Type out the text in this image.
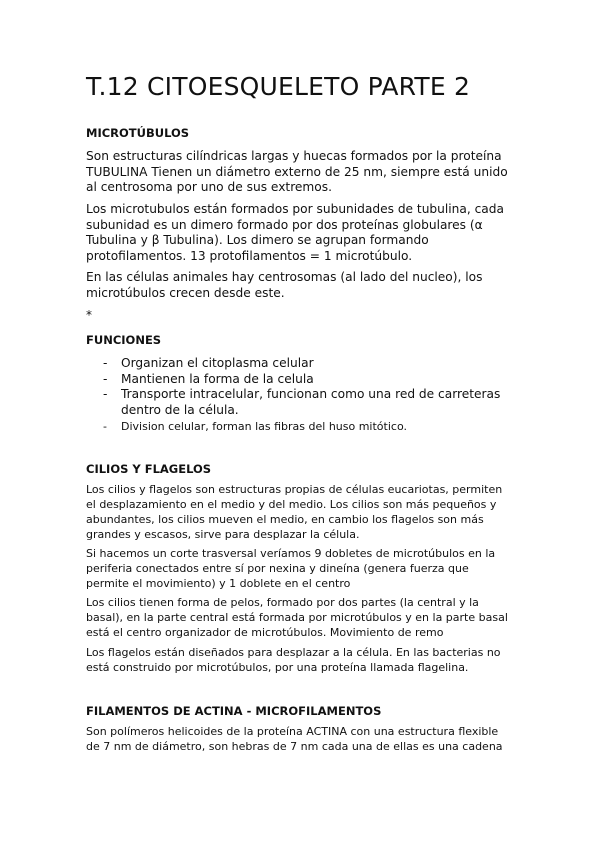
T.12 CITOESQUELETO PARTE 2
MICROTÚBULOS

Son estructuras cilíndricas largas y huecas formados por la proteína
TUBULINA Tienen un diámetro externo de 25 nm, siempre está unido
al centrosoma por uno de sus extremos.

Los microtubulos están formados por subunidades de tubulina, cada
subunidad es un dimero formado por dos proteínas globulares (α
Tubulina y β Tubulina). Los dimero se agrupan formando
protofilamentos. 13 protofilamentos = 1 microtúbulo.

En las células animales hay centrosomas (al lado del nucleo), los
microtúbulos crecen desde este.

*
FUNCIONES
- Organizan el citoplasma celular
- Mantienen la forma de la celula
- Transporte intracelular, funcionan como una red de carreteras
dentro de la célula.
- Division celular, forman las fibras del huso mitótico.
CILIOS Y FLAGELOS

Los cilios y flagelos son estructuras propias de células eucariotas, permiten
el desplazamiento en el medio y del medio. Los cilios son más pequeños y
abundantes, los cilios mueven el medio, en cambio los flagelos son más
grandes y escasos, sirve para desplazar la célula.

Si hacemos un corte trasversal veríamos 9 dobletes de microtúbulos en la
periferia conectados entre sí por nexina y dineína (genera fuerza que
permite el movimiento) y 1 doblete en el centro

Los cilios tienen forma de pelos, formado por dos partes (la central y la
basal), en la parte central está formada por microtúbulos y en la parte basal
está el centro organizador de microtúbulos. Movimiento de remo

Los flagelos están diseñados para desplazar a la célula. En las bacterias no
está construido por microtúbulos, por una proteína llamada flagelina.

FILAMENTOS DE ACTINA - MICROFILAMENTOS

Son polímeros helicoides de la proteína ACTINA con una estructura flexible
de 7 nm de diámetro, son hebras de 7 nm cada una de ellas es una cadena
